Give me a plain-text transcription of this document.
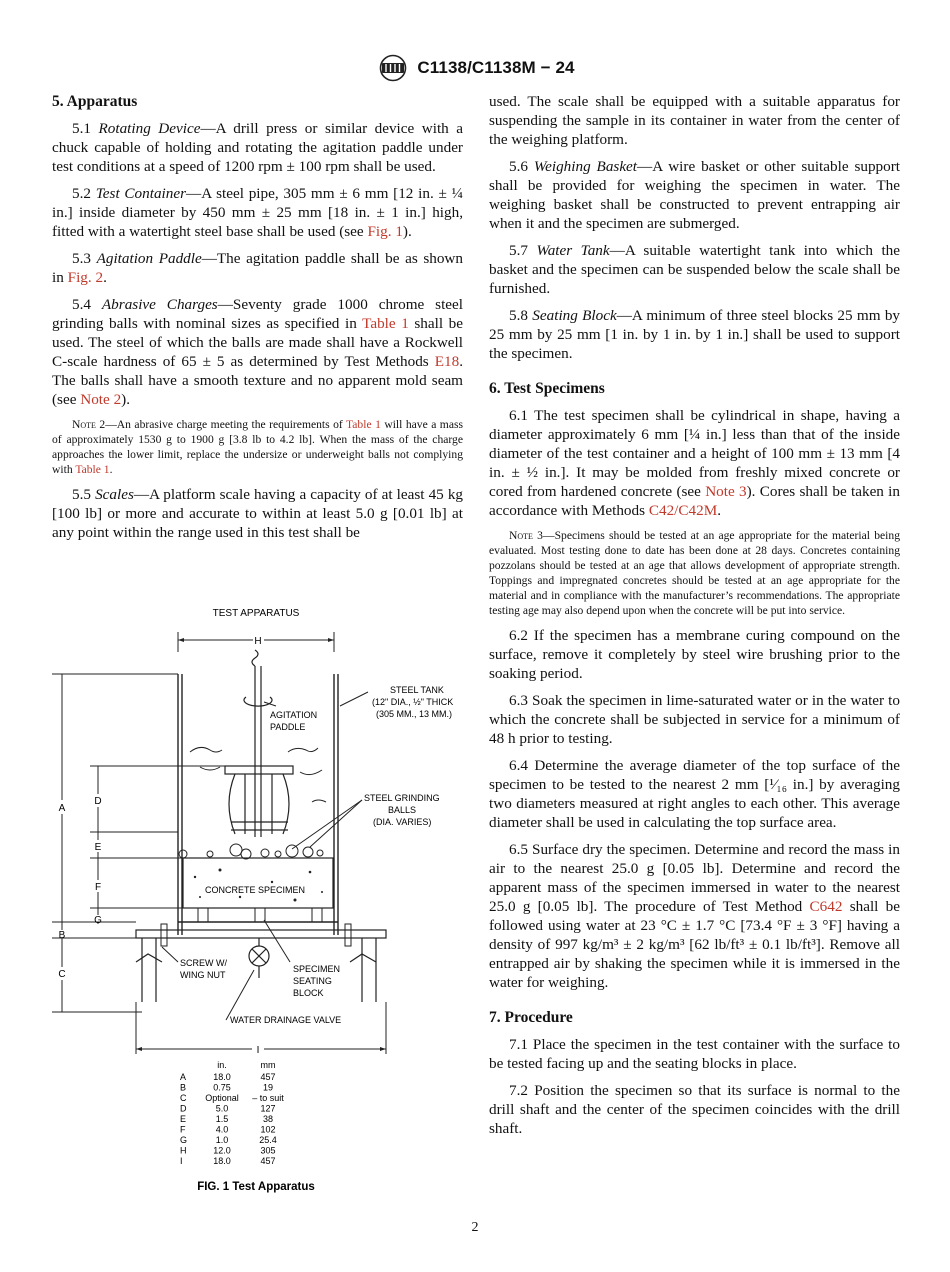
C1138/C1138M − 24
5. Apparatus

5.1 Rotating Device—A drill press or similar device with a chuck capable of holding and rotating the agitation paddle under test conditions at a speed of 1200 rpm ± 100 rpm shall be used.

5.2 Test Container—A steel pipe, 305 mm ± 6 mm [12 in. ± ¼ in.] inside diameter by 450 mm ± 25 mm [18 in. ± 1 in.] high, fitted with a watertight steel base shall be used (see Fig. 1).

5.3 Agitation Paddle—The agitation paddle shall be as shown in Fig. 2.

5.4 Abrasive Charges—Seventy grade 1000 chrome steel grinding balls with nominal sizes as specified in Table 1 shall be used. The steel of which the balls are made shall have a Rockwell C-scale hardness of 65 ± 5 as determined by Test Methods E18. The balls shall have a smooth texture and no apparent mold seam (see Note 2).

Note 2—An abrasive charge meeting the requirements of Table 1 will have a mass of approximately 1530 g to 1900 g [3.8 lb to 4.2 lb]. When the mass of the charge approaches the lower limit, replace the undersize or underweight balls not complying with Table 1.

5.5 Scales—A platform scale having a capacity of at least 45 kg [100 lb] or more and accurate to within at least 5.0 g [0.01 lb] at any point within the range used in this test shall be

TEST APPARATUS
H
CONCRETE SPECIMEN
A
B
C
D
E
F
G
STEEL TANK (12" DIA., ½" THICK (305 MM., 13 MM.)
AGITATION PADDLE
STEEL GRINDING BALLS (DIA. VARIES)
SCREW W/ WING NUT
SPECIMEN SEATING BLOCK
WATER DRAINAGE VALVE
I
in.	mm
A	18.0	457
B	0.75	19
C Optional – to suit
D	5.0	127
E	1.5	38
F	4.0	102
G	1.0	25.4
H	12.0	305
I	18.0	457
FIG. 1 Test Apparatus

used. The scale shall be equipped with a suitable apparatus for suspending the sample in its container in water from the center of the weighing platform.

5.6 Weighing Basket—A wire basket or other suitable support shall be provided for weighing the specimen in water. The weighing basket shall be constructed to prevent entrapping air when it and the specimen are submerged.

5.7 Water Tank—A suitable watertight tank into which the basket and the specimen can be suspended below the scale shall be furnished.

5.8 Seating Block—A minimum of three steel blocks 25 mm by 25 mm by 25 mm [1 in. by 1 in. by 1 in.] shall be used to support the specimen.

6. Test Specimens

6.1 The test specimen shall be cylindrical in shape, having a diameter approximately 6 mm [¼ in.] less than that of the inside diameter of the test container and a height of 100 mm ± 13 mm [4 in. ± ½ in.]. It may be molded from freshly mixed concrete or cored from hardened concrete (see Note 3). Cores shall be taken in accordance with Methods C42/C42M.

Note 3—Specimens should be tested at an age appropriate for the material being evaluated. Most testing done to date has been done at 28 days. Concretes containing pozzolans should be tested at an age that allows development of appropriate strength. Toppings and impregnated concretes should be tested at an age appropriate for the material and in compliance with the manufacturer’s recommendations. The appropriate testing age may also depend upon when the concrete will be put into service.

6.2 If the specimen has a membrane curing compound on the surface, remove it completely by steel wire brushing prior to the soaking period.

6.3 Soak the specimen in lime-saturated water or in the water to which the concrete shall be subjected in service for a minimum of 48 h prior to testing.

6.4 Determine the average diameter of the top surface of the specimen to be tested to the nearest 2 mm [¹⁄₁₆ in.] by averaging two diameters measured at right angles to each other. This average diameter shall be used in calculating the top surface area.

6.5 Surface dry the specimen. Determine and record the mass in air to the nearest 25.0 g [0.05 lb]. Determine and record the apparent mass of the specimen immersed in water to the nearest 25.0 g [0.05 lb]. The procedure of Test Method C642 shall be followed using water at 23 °C ± 1.7 °C [73.4 °F ± 3 °F] having a density of 997 kg/m³ ± 2 kg/m³ [62 lb/ft³ ± 0.1 lb/ft³]. Remove all entrapped air by shaking the specimen while it is immersed in the water for weighing.

7. Procedure

7.1 Place the specimen in the test container with the surface to be tested facing up and the seating blocks in place.

7.2 Position the specimen so that its surface is normal to the drill shaft and the center of the specimen coincides with the drill shaft.

2
